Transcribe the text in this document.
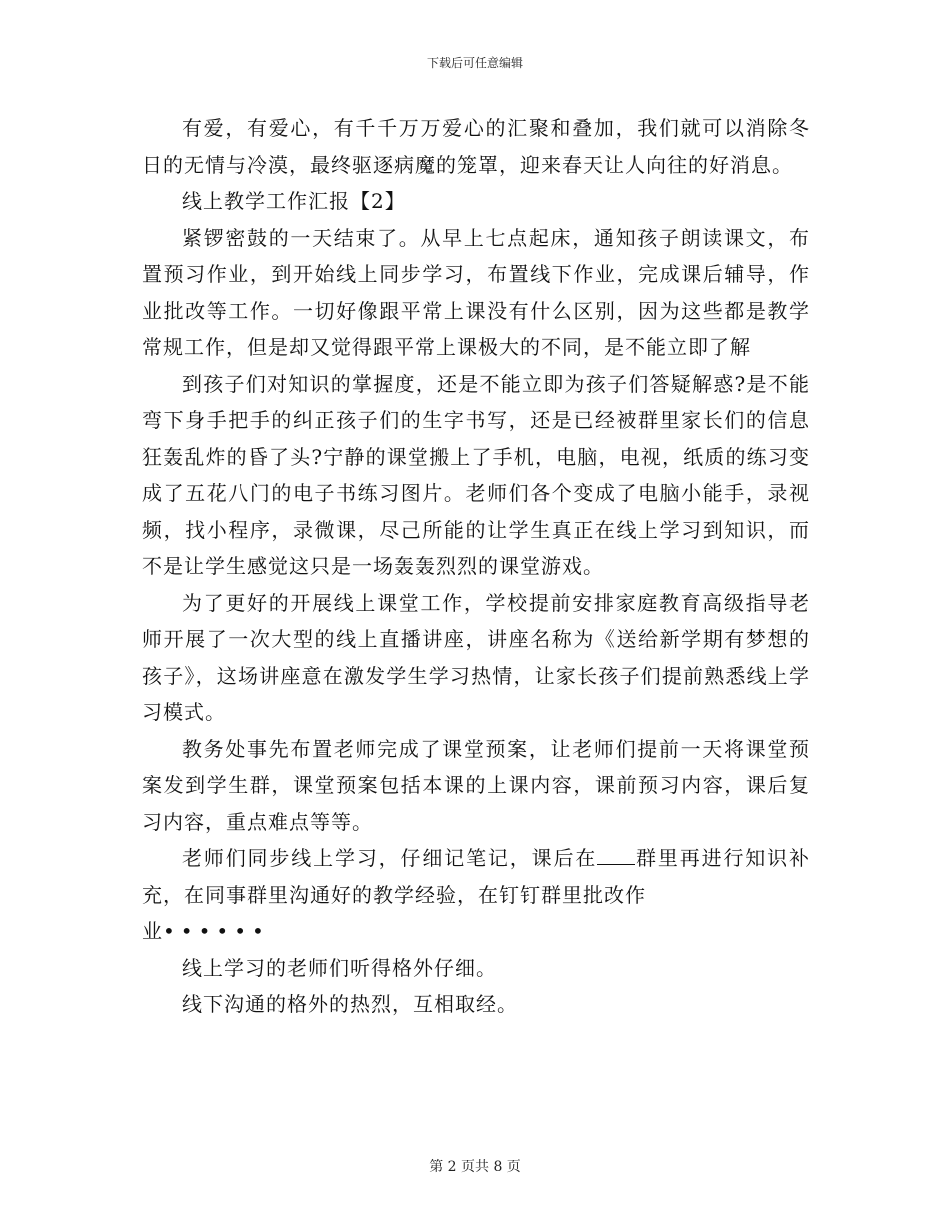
下载后可任意编辑

有爱，有爱心，有千千万万爱心的汇聚和叠加，我们就可以消除冬日的无情与冷漠，最终驱逐病魔的笼罩，迎来春天让人向往的好消息。

线上教学工作汇报【2】

紧锣密鼓的一天结束了。从早上七点起床，通知孩子朗读课文，布置预习作业，到开始线上同步学习，布置线下作业，完成课后辅导，作业批改等工作。一切好像跟平常上课没有什么区别，因为这些都是教学常规工作，但是却又觉得跟平常上课极大的不同，是不能立即了解

到孩子们对知识的掌握度，还是不能立即为孩子们答疑解惑?是不能弯下身手把手的纠正孩子们的生字书写，还是已经被群里家长们的信息狂轰乱炸的昏了头?宁静的课堂搬上了手机，电脑，电视，纸质的练习变成了五花八门的电子书练习图片。老师们各个变成了电脑小能手，录视频，找小程序，录微课，尽己所能的让学生真正在线上学习到知识，而不是让学生感觉这只是一场轰轰烈烈的课堂游戏。

为了更好的开展线上课堂工作，学校提前安排家庭教育高级指导老师开展了一次大型的线上直播讲座，讲座名称为《送给新学期有梦想的孩子》，这场讲座意在激发学生学习热情，让家长孩子们提前熟悉线上学习模式。

教务处事先布置老师完成了课堂预案，让老师们提前一天将课堂预案发到学生群，课堂预案包括本课的上课内容，课前预习内容，课后复习内容，重点难点等等。

老师们同步线上学习，仔细记笔记，课后在 群里再进行知识补充，在同事群里沟通好的教学经验，在钉钉群里批改作

业••••••

线上学习的老师们听得格外仔细。

线下沟通的格外的热烈，互相取经。

第 2 页共 8 页
